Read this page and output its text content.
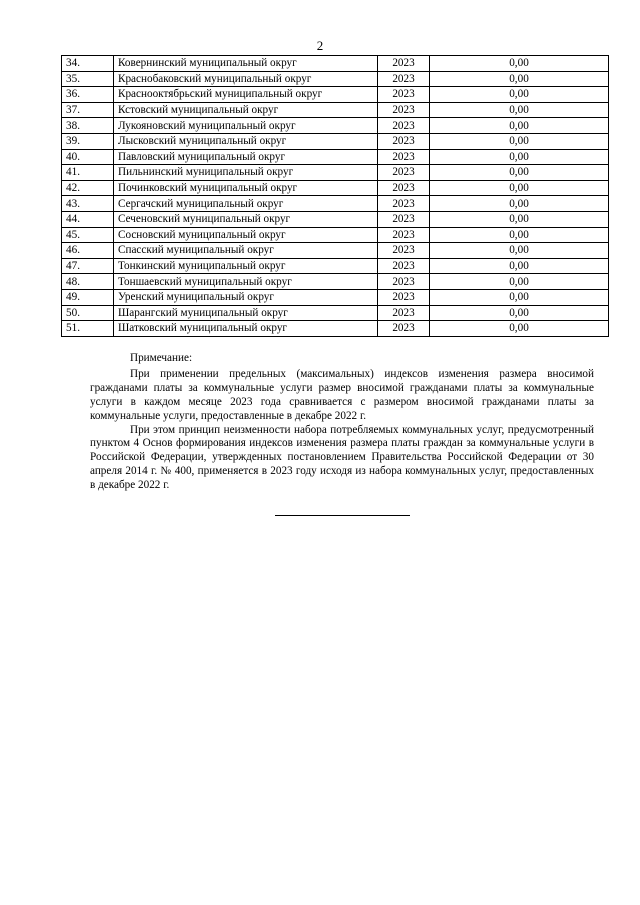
2
34.	Ковернинский муниципальный округ	2023	0,00
35.	Краснобаковский муниципальный округ	2023	0,00
36.	Краснооктябрьский муниципальный округ	2023	0,00
37.	Кстовский муниципальный округ	2023	0,00
38.	Лукояновский муниципальный округ	2023	0,00
39.	Лысковский муниципальный округ	2023	0,00
40.	Павловский муниципальный округ	2023	0,00
41.	Пильнинский муниципальный округ	2023	0,00
42.	Починковский муниципальный округ	2023	0,00
43.	Сергачский муниципальный округ	2023	0,00
44.	Сеченовский муниципальный округ	2023	0,00
45.	Сосновский муниципальный округ	2023	0,00
46.	Спасский муниципальный округ	2023	0,00
47.	Тонкинский муниципальный округ	2023	0,00
48.	Тоншаевский муниципальный округ	2023	0,00
49.	Уренский муниципальный округ	2023	0,00
50.	Шарангский муниципальный округ	2023	0,00
51.	Шатковский муниципальный округ	2023	0,00

Примечание:

При применении предельных (максимальных) индексов изменения размера вносимой гражданами платы за коммунальные услуги размер вносимой гражданами платы за коммунальные услуги в каждом месяце 2023 года сравнивается с размером вносимой гражданами платы за коммунальные услуги, предоставленные в декабре 2022 г.

При этом принцип неизменности набора потребляемых коммунальных услуг, предусмотренный пунктом 4 Основ формирования индексов изменения размера платы граждан за коммунальные услуги в Российской Федерации, утвержденных постановлением Правительства Российской Федерации от 30 апреля 2014 г. № 400, применяется в 2023 году исходя из набора коммунальных услуг, предоставленных в декабре 2022 г.
